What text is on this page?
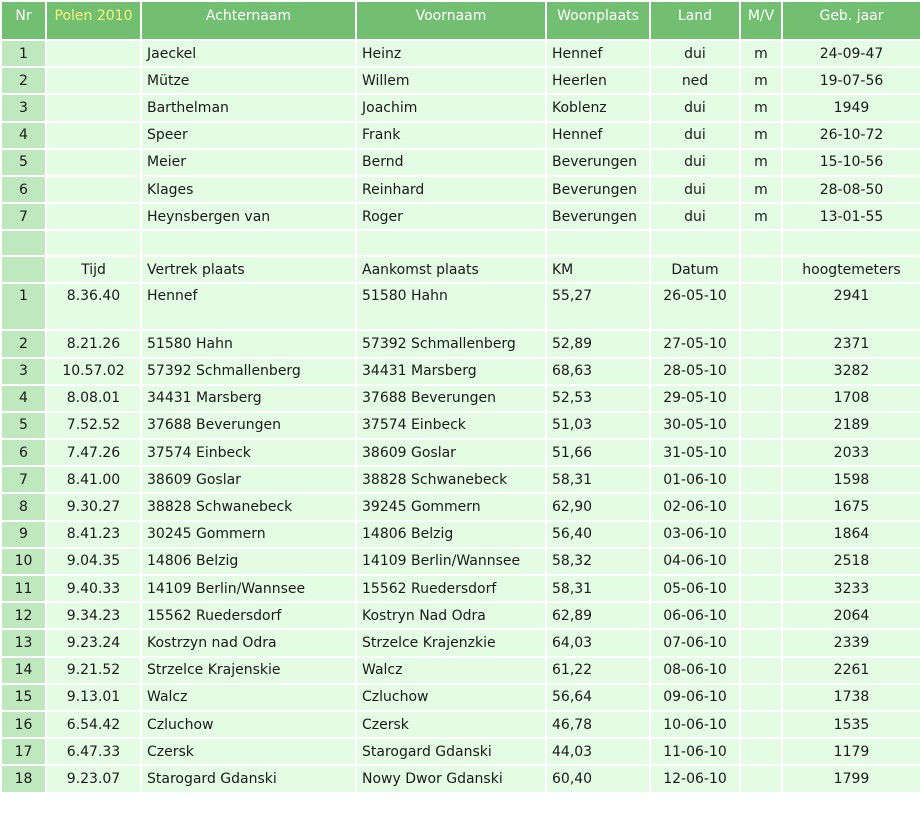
Nr	Polen 2010	Achternaam	Voornaam	Woonplaats	Land	M/V	Geb. jaar
1		Jaeckel	Heinz	Hennef	dui	m	24-09-47
2		Mütze	Willem	Heerlen	ned	m	19-07-56
3		Barthelman	Joachim	Koblenz	dui	m	1949
4		Speer	Frank	Hennef	dui	m	26-10-72
5		Meier	Bernd	Beverungen	dui	m	15-10-56
6		Klages	Reinhard	Beverungen	dui	m	28-08-50
7		Heynsbergen van	Roger	Beverungen	dui	m	13-01-55

	Tijd	Vertrek plaats	Aankomst plaats	KM	Datum		hoogtemeters
1	8.36.40	Hennef	51580 Hahn	55,27	26-05-10		2941
2	8.21.26	51580 Hahn	57392 Schmallenberg	52,89	27-05-10		2371
3	10.57.02	57392 Schmallenberg	34431 Marsberg	68,63	28-05-10		3282
4	8.08.01	34431 Marsberg	37688 Beverungen	52,53	29-05-10		1708
5	7.52.52	37688 Beverungen	37574 Einbeck	51,03	30-05-10		2189
6	7.47.26	37574 Einbeck	38609 Goslar	51,66	31-05-10		2033
7	8.41.00	38609 Goslar	38828 Schwanebeck	58,31	01-06-10		1598
8	9.30.27	38828 Schwanebeck	39245 Gommern	62,90	02-06-10		1675
9	8.41.23	30245 Gommern	14806 Belzig	56,40	03-06-10		1864
10	9.04.35	14806 Belzig	14109 Berlin/Wannsee	58,32	04-06-10		2518
11	9.40.33	14109 Berlin/Wannsee	15562 Ruedersdorf	58,31	05-06-10		3233
12	9.34.23	15562 Ruedersdorf	Kostryn Nad Odra	62,89	06-06-10		2064
13	9.23.24	Kostrzyn nad Odra	Strzelce Krajenzkie	64,03	07-06-10		2339
14	9.21.52	Strzelce Krajenskie	Walcz	61,22	08-06-10		2261
15	9.13.01	Walcz	Czluchow	56,64	09-06-10		1738
16	6.54.42	Czluchow	Czersk	46,78	10-06-10		1535
17	6.47.33	Czersk	Starogard Gdanski	44,03	11-06-10		1179
18	9.23.07	Starogard Gdanski	Nowy Dwor Gdanski	60,40	12-06-10		1799
